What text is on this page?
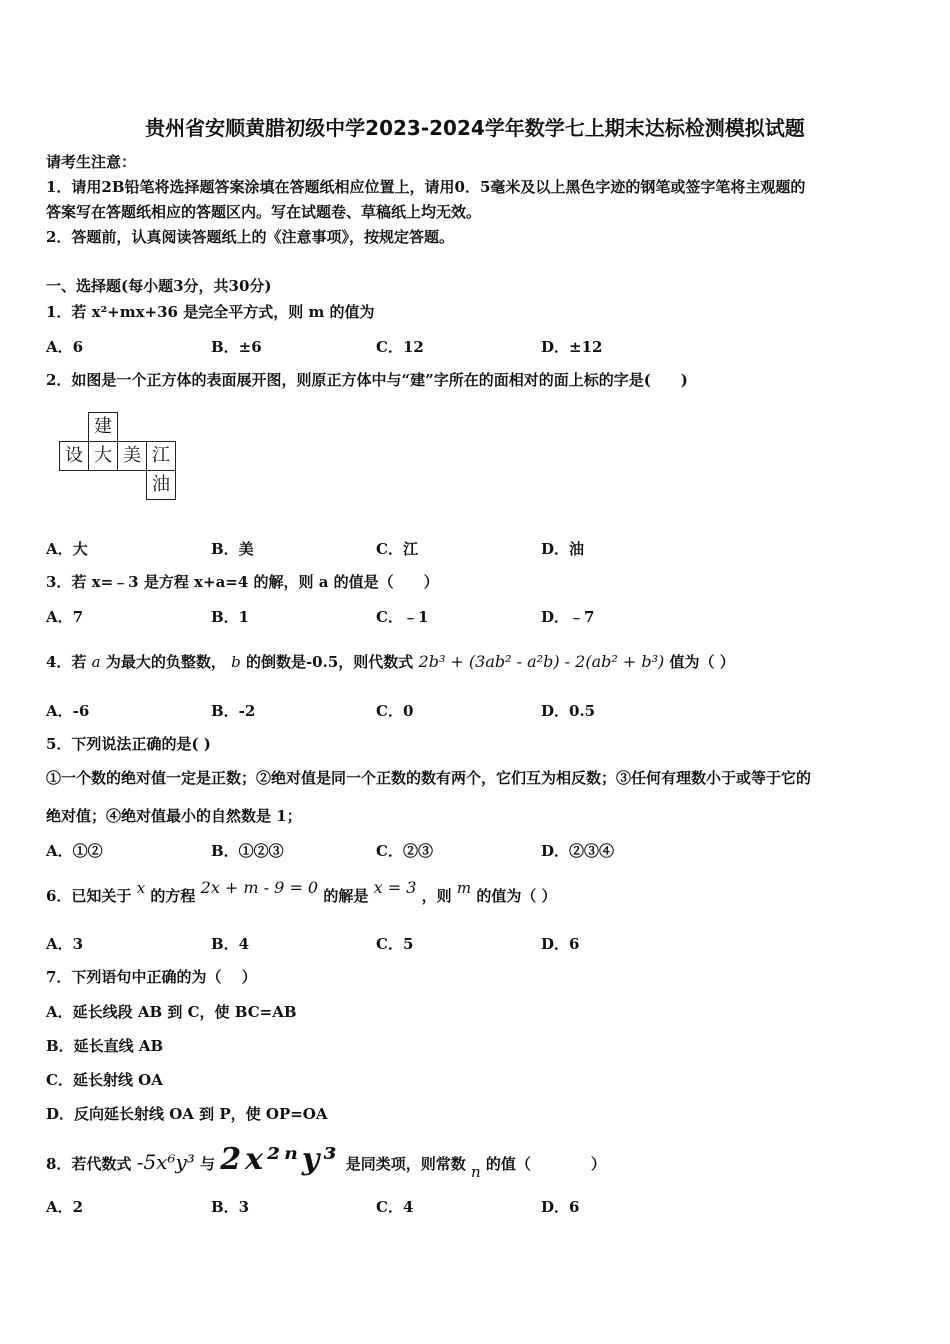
贵州省安顺黄腊初级中学2023-2024学年数学七上期末达标检测模拟试题
请考生注意：
1．请用2B铅笔将选择题答案涂填在答题纸相应位置上，请用0．5毫米及以上黑色字迹的钢笔或签字笔将主观题的
答案写在答题纸相应的答题区内。写在试题卷、草稿纸上均无效。
2．答题前，认真阅读答题纸上的《注意事项》，按规定答题。
一、选择题(每小题3分，共30分)
1．若 x²+mx+36 是完全平方式，则 m 的值为
A．6	B．±6	C．12	D．±12
2．如图是一个正方体的表面展开图，则原正方体中与“建”字所在的面相对的面上标的字是(　　)
建
设 大 美 江
油
A．大	B．美	C．江	D．油
3．若 x=﹣3 是方程 x+a=4 的解，则 a 的值是（　　）
A．7	B．1	C．﹣1	D．﹣7
4．若 a 为最大的负整数， b 的倒数是-0.5，则代数式 2b³ + (3ab² - a²b) - 2(ab² + b³) 值为（ ）
A．-6	B．-2	C．0	D．0.5
5．下列说法正确的是( )
①一个数的绝对值一定是正数；②绝对值是同一个正数的数有两个，它们互为相反数；③任何有理数小于或等于它的
绝对值；④绝对值最小的自然数是 1；
A．①②	B．①②③	C．②③	D．②③④
6．已知关于 x 的方程 2x + m - 9 = 0 的解是 x = 3 ，则 m 的值为（ ）
A．3	B．4	C．5	D．6
7．下列语句中正确的为（　 ）
A．延长线段 AB 到 C，使 BC=AB
B．延长直线 AB
C．延长射线 OA
D．反向延长射线 OA 到 P，使 OP=OA
8．若代数式 -5x⁶y³ 与 2x²ⁿy³ 是同类项，则常数 n 的值（　　　　）
A．2	B．3	C．4	D．6
